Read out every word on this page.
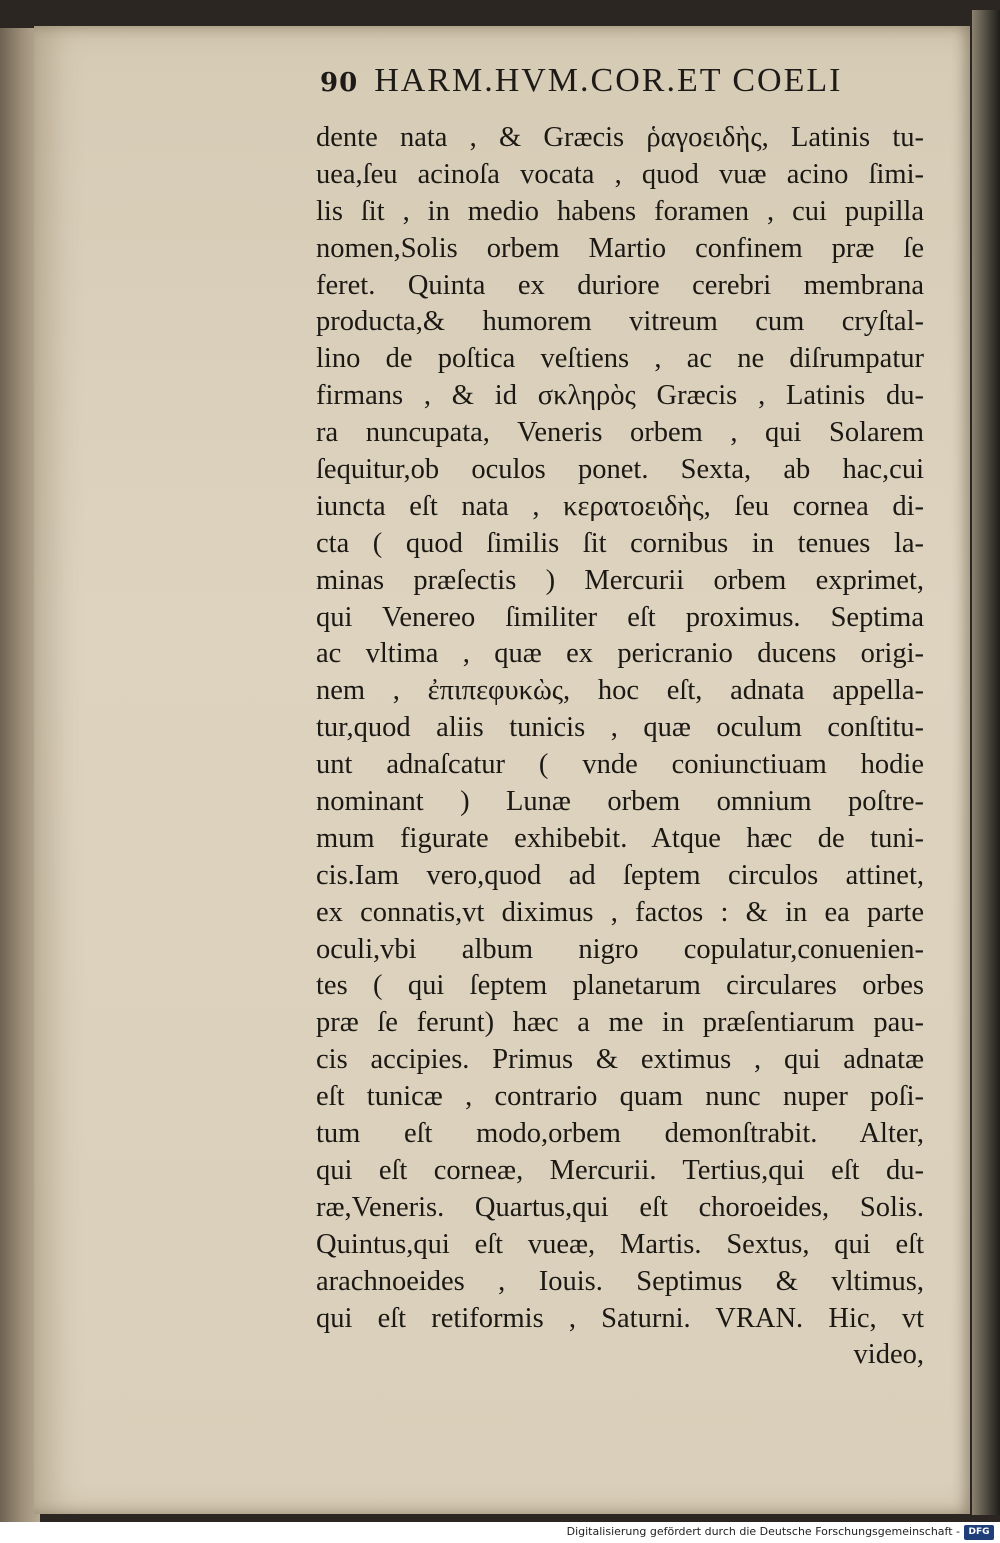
90 HARM.HVM.COR.ET COELI
dente nata , & Græcis ῥαγοειδὴς, Latinis tu-
uea,ſeu acinoſa vocata , quod vuæ acino ſimi-
lis ſit , in medio habens foramen , cui pupilla
nomen,Solis orbem Martio confinem præ ſe
feret. Quinta ex duriore cerebri membrana
producta,& humorem vitreum cum cryſtal-
lino de poſtica veſtiens , ac ne diſrumpatur
firmans , & id σκληρὸς Græcis , Latinis du-
ra nuncupata, Veneris orbem , qui Solarem
ſequitur,ob oculos ponet. Sexta, ab hac,cui
iuncta eſt nata , κερατοειδὴς, ſeu cornea di-
cta ( quod ſimilis ſit cornibus in tenues la-
minas præſectis ) Mercurii orbem exprimet,
qui Venereo ſimiliter eſt proximus. Septima
ac vltima , quæ ex pericranio ducens origi-
nem , ἐπιπεφυκὼς, hoc eſt, adnata appella-
tur,quod aliis tunicis , quæ oculum conſtitu-
unt adnaſcatur ( vnde coniunctiuam hodie
nominant ) Lunæ orbem omnium poſtre-
mum figurate exhibebit. Atque hæc de tuni-
cis.Iam vero,quod ad ſeptem circulos attinet,
ex connatis,vt diximus , factos : & in ea parte
oculi,vbi album nigro copulatur,conuenien-
tes ( qui ſeptem planetarum circulares orbes
præ ſe ferunt) hæc a me in præſentiarum pau-
cis accipies. Primus & extimus , qui adnatæ
eſt tunicæ , contrario quam nunc nuper poſi-
tum eſt modo,orbem demonſtrabit. Alter,
qui eſt corneæ, Mercurii. Tertius,qui eſt du-
ræ,Veneris. Quartus,qui eſt choroeides, Solis.
Quintus,qui eſt vueæ, Martis. Sextus, qui eſt
arachnoeides , Iouis. Septimus & vltimus,
qui eſt retiformis , Saturni. VRAN. Hic, vt
video,
Digitalisierung gefördert durch die Deutsche Forschungsgemeinschaft - DFG
